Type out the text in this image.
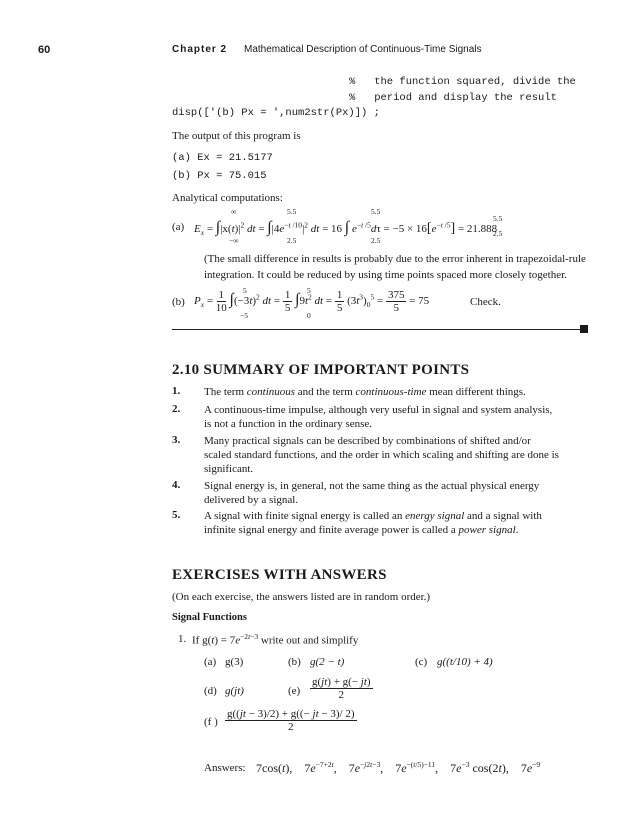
60	Chapter 2 Mathematical Description of Continuous-Time Signals
%   the function squared, divide the
%   period and display the result
disp(['(b) Px = ',num2str(Px)]) ;
The output of this program is
(a) Ex = 21.5177
(b) Px = 75.015
Analytical computations:
(a) $E_x = \int|x(t)|^2$ dt = $\int|4e^{-t /10}|^2$ dt = 16 ∫ $e^{-t /5}d\tau = -5 \times 16[e^{-t /5}] = 21.888$
∞
−∞
5.5
2.5
5.5
2.5
5.5
2.5
(The small difference in results is probably due to the error inherent in trapezoidal-rule
integration. It could be reduced by using time points spaced more closely together.
(b) $P_x = \frac{1}{10} \int(-3t)^2$ dt = $\frac{1}{5} \int 9t^2$ dt = $\frac{1}{5} (3t^3)_0^5 = \frac{375}{5} = 75$
5
−5
5
0
Check.
2.10 SUMMARY OF IMPORTANT POINTS
1. The term continuous and the term continuous-time mean different things.
2. A continuous-time impulse, although very useful in signal and system analysis,
is not a function in the ordinary sense.
3. Many practical signals can be described by combinations of shifted and/or
scaled standard functions, and the order in which scaling and shifting are done is
significant.
4. Signal energy is, in general, not the same thing as the actual physical energy
delivered by a signal.
5. A signal with finite signal energy is called an energy signal and a signal with
infinite signal energy and finite average power is called a power signal.
EXERCISES WITH ANSWERS
(On each exercise, the answers listed are in random order.)
Signal Functions
1. If $g(t) = 7e^{-2t-3}$ write out and simplify
(a) g(3)	(b) g(2 − t)	(c) g((t/10) + 4)
(d) g(jt)	$(e) \frac{g(jt) + g(- jt)}{2}$
(f ) $\frac{g((jt - 3)/2) + g((- jt - 3)/ 2)}{2}$
Answers: 7cos(t),    $7e^{-7+2t}$,    $7e^{-j2t-3}$,    $7e^{-(t/5)-11}$,    $7e^{-3}$ cos(2t),    $7e^{-9}$
